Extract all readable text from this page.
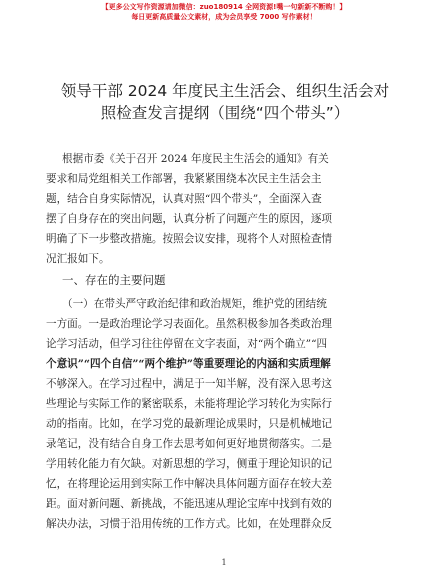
【更多公文写作资源请加微信：zuo180914 全网资源!嘴一句新新不断购！】
每日更新高质量公文素材，成为会员享受 7000 写作素材！
领导干部 2024 年度民主生活会、组织生活会对
照检查发言提纲（围绕“四个带头”）
根据市委《关于召开 2024 年度民主生活会的通知》有关
要求和局党组相关工作部署，我紧紧围绕本次民主生活会主
题，结合自身实际情况，认真对照“四个带头”，全面深入查
摆了自身存在的突出问题，认真分析了问题产生的原因，逐项
明确了下一步整改措施。按照会议安排，现将个人对照检查情
况汇报如下。
一、存在的主要问题
（一）在带头严守政治纪律和政治规矩，维护党的团结统
一方面。一是政治理论学习表面化。虽然积极参加各类政治理
论学习活动，但学习往往停留在文字表面，对“两个确立”“四
个意识”“四个自信”“两个维护”等重要理论的内涵和实质理解
不够深入。在学习过程中，满足于一知半解，没有深入思考这
些理论与实际工作的紧密联系，未能将理论学习转化为实际行
动的指南。比如，在学习党的最新理论成果时，只是机械地记
录笔记，没有结合自身工作去思考如何更好地贯彻落实。二是
学用转化能力有欠缺。对新思想的学习，侧重于理论知识的记
忆，在将理论运用到实际工作中解决具体问题方面存在较大差
距。面对新问题、新挑战，不能迅速从理论宝库中找到有效的
解决办法，习惯于沿用传统的工作方式。比如，在处理群众反
1
